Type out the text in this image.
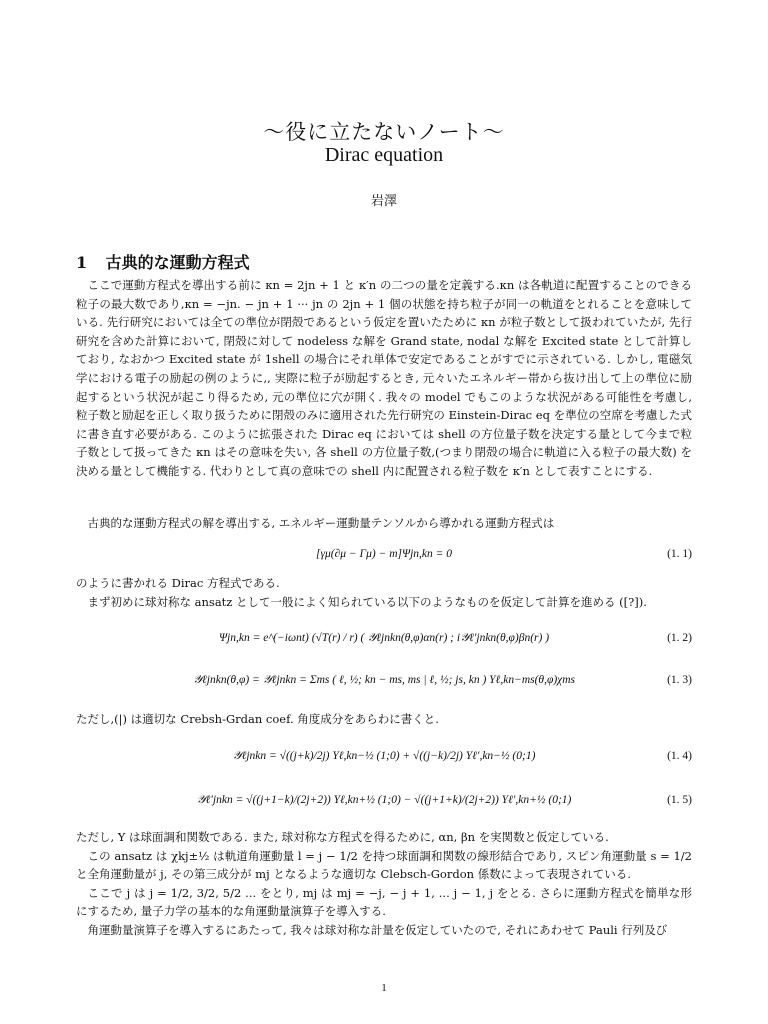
〜役に立たないノート〜
Dirac equation
岩澤
1 古典的な運動方程式

ここで運動方程式を導出する前に κn = 2jn + 1 と κ′n の二つの量を定義する.κn は各軌道に配置することのできる粒子の最大数であり,κn = −jn. − jn + 1 ··· jn の 2jn + 1 個の状態を持ち粒子が同一の軌道をとれることを意味している. 先行研究においては全ての準位が閉殻であるという仮定を置いたために κn が粒子数として扱われていたが, 先行研究を含めた計算において, 閉殻に対して nodeless な解を Grand state, nodal な解を Excited state として計算しており, なおかつ Excited state が 1shell の場合にそれ単体で安定であることがすでに示されている. しかし, 電磁気学における電子の励起の例のように,, 実際に粒子が励起するとき, 元々いたエネルギー帯から抜け出して上の準位に励起するという状況が起こり得るため, 元の準位に穴が開く. 我々の model でもこのような状況がある可能性を考慮し, 粒子数と励起を正しく取り扱うために閉殻のみに適用された先行研究の Einstein-Dirac eq を準位の空席を考慮した式に書き直す必要がある. このように拡張された Dirac eq においては shell の方位量子数を決定する量として今まで粒子数として扱ってきた κn はその意味を失い, 各 shell の方位量子数,(つまり閉殻の場合に軌道に入る粒子の最大数) を決める量として機能する. 代わりとして真の意味での shell 内に配置される粒子数を κ′n として表すことにする.

古典的な運動方程式の解を導出する, エネルギー運動量テンソルから導かれる運動方程式は

[γμ(∂μ − Γμ) − m]Ψjn,kn = 0	(1. 1)
のように書かれる Dirac 方程式である.
まず初めに球対称な ansatz として一般によく知られている以下のようなものを仮定して計算を進める ([?]).
Ψjn,kn = e^(−iωnt) (√T(r) / r) ( 𝒴ℓjnkn(θ,φ)αn(r) ; i𝒴ℓ′jnkn(θ,φ)βn(r) )	(1. 2)
𝒴ℓjnkn(θ,φ) = 𝒴ℓjnkn = Σms ( ℓ, ½; kn − ms, ms | ℓ, ½; js, kn ) Yℓ,kn−ms(θ,φ)χms	(1. 3)

ただし,(|) は適切な Crebsh-Grdan coef. 角度成分をあらわに書くと.

𝒴ℓjnkn = √((j+k)/2j) Yℓ,kn−½ (1;0) + √((j−k)/2j) Yℓ′,kn−½ (0;1)	(1. 4)
𝒴ℓ′jnkn = √((j+1−k)/(2j+2)) Yℓ,kn+½ (1;0) − √((j+1+k)/(2j+2)) Yℓ′,kn+½ (0;1)	(1. 5)
ただし, Y は球面調和関数である. また, 球対称な方程式を得るために, αn, βn を実関数と仮定している.
この ansatz は χkj±½ は軌道角運動量 l = j − 1/2 を持つ球面調和関数の線形結合であり, スピン角運動量 s = 1/2 と全角運動量が j, その第三成分が mj となるような適切な Clebsch-Gordon 係数によって表現されている.
ここで j は j = 1/2, 3/2, 5/2 ... をとり, mj は mj = −j, − j + 1, ... j − 1, j をとる. さらに運動方程式を簡単な形にするため, 量子力学の基本的な角運動量演算子を導入する.
角運動量演算子を導入するにあたって, 我々は球対称な計量を仮定していたので, それにあわせて Pauli 行列及び
1
